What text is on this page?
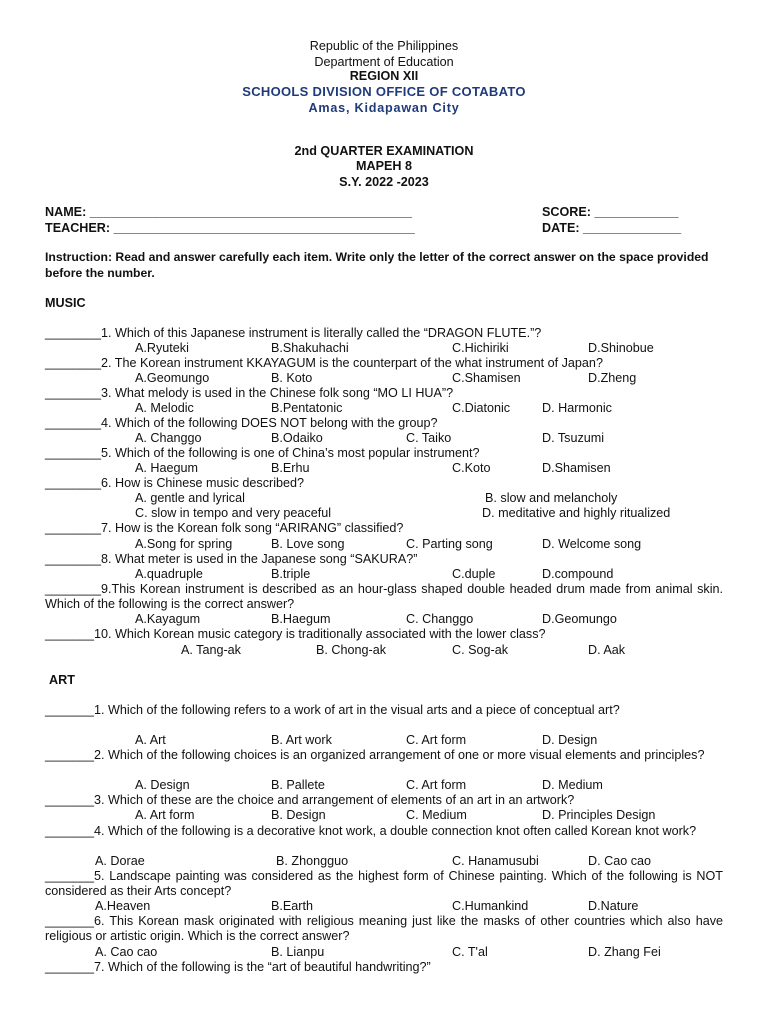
Republic of the Philippines
Department of Education
REGION XII
SCHOOLS DIVISION OFFICE OF COTABATO
Amas, Kidapawan City
2nd QUARTER EXAMINATION
MAPEH 8
S.Y. 2022 -2023
NAME: ______________________________________________	SCORE: ____________
TEACHER: ___________________________________________	DATE: ______________
Instruction: Read and answer carefully each item. Write only the letter of the correct answer on the space provided before the number.
MUSIC
________1. Which of this Japanese instrument is literally called the “DRAGON FLUTE.”?
A.Ryuteki	B.Shakuhachi	C.Hichiriki	D.Shinobue
________2. The Korean instrument KKAYAGUM is the counterpart of the what instrument of Japan?
A.Geomungo	B. Koto	C.Shamisen	D.Zheng
________3. What melody is used in the Chinese folk song “MO LI HUA”?
A. Melodic	B.Pentatonic	C.Diatonic	D. Harmonic
________4. Which of the following DOES NOT belong with the group?
A. Changgo	B.Odaiko	C. Taiko	D. Tsuzumi
________5. Which of the following is one of China’s most popular instrument?
A. Haegum	B.Erhu	C.Koto	D.Shamisen
________6. How is Chinese music described?
A. gentle and lyrical	B. slow and melancholy
C. slow in tempo and very peaceful	D. meditative and highly ritualized
________7. How is the Korean folk song “ARIRANG” classified?
A.Song for spring	B. Love song	C. Parting song	D. Welcome song
________8. What meter is used in the Japanese song “SAKURA?”
A.quadruple	B.triple	C.duple	D.compound
________9.This Korean instrument is described as an hour-glass shaped double headed drum made from animal skin. Which of the following is the correct answer?
A.Kayagum	B.Haegum	C. Changgo	D.Geomungo
_______10. Which Korean music category is traditionally associated with the lower class?
A. Tang-ak	B. Chong-ak	C. Sog-ak	D. Aak
ART
_______1. Which of the following refers to a work of art in the visual arts and a piece of conceptual art?
A. Art	B. Art work	C. Art form	D. Design
_______2. Which of the following choices is an organized arrangement of one or more visual elements and principles?
A. Design	B. Pallete	C. Art form	D. Medium
_______3. Which of these are the choice and arrangement of elements of an art in an artwork?
A. Art form	B. Design	C. Medium	D. Principles Design
_______4. Which of the following is a decorative knot work, a double connection knot often called Korean knot work?
A. Dorae	B. Zhongguo	C. Hanamusubi	D. Cao cao
_______5. Landscape painting was considered as the highest form of Chinese painting. Which of the following is NOT considered as their Arts concept?
A.Heaven	B.Earth	C.Humankind	D.Nature
_______6. This Korean mask originated with religious meaning just like the masks of other countries which also have religious or artistic origin. Which is the correct answer?
A. Cao cao	B. Lianpu	C. T'al	D. Zhang Fei
_______7. Which of the following is the “art of beautiful handwriting?”
